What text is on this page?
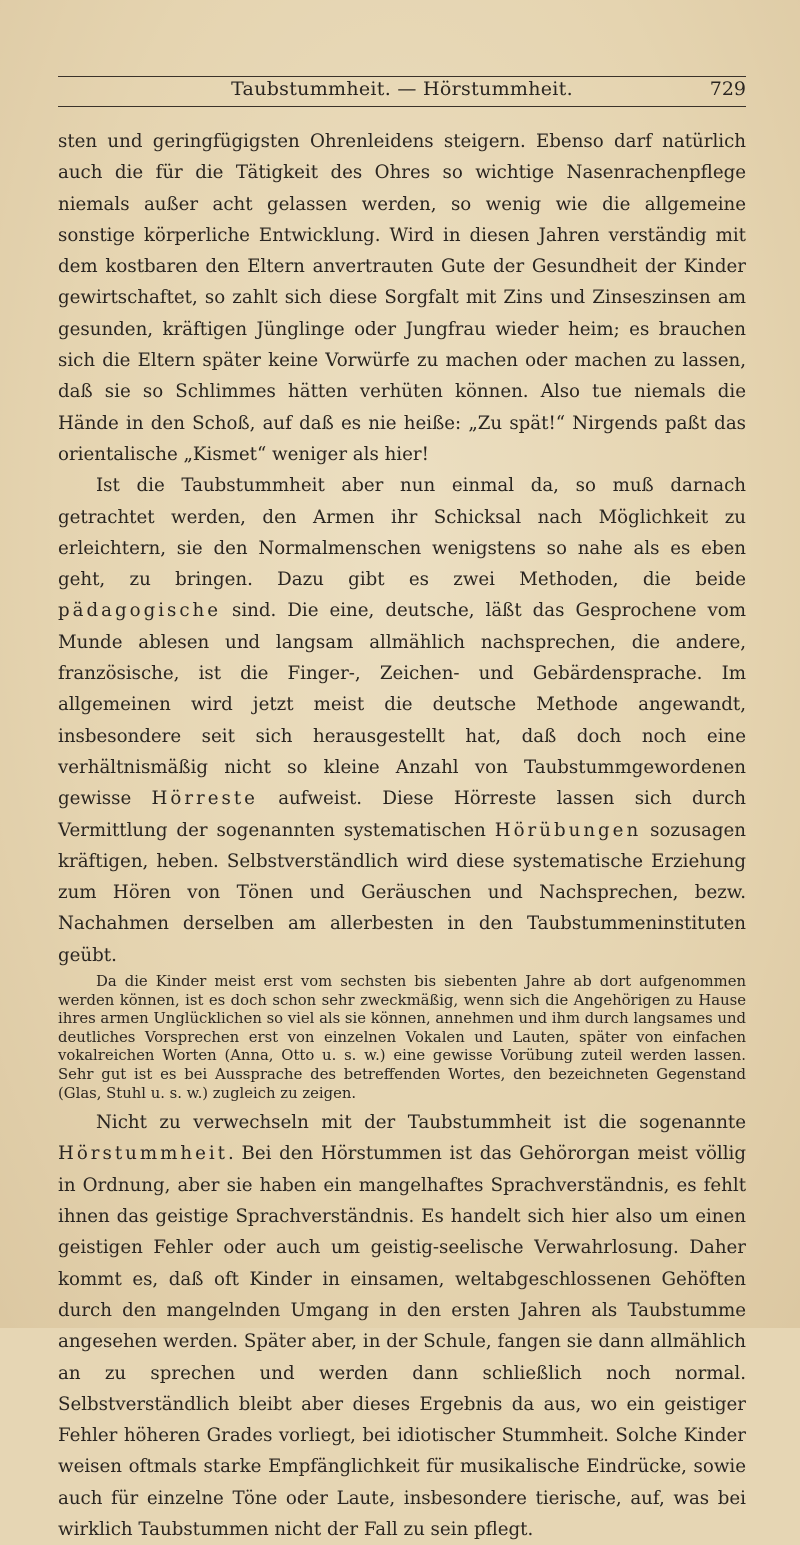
Taubstummheit. — Hörstummheit.	729

sten und geringfügigsten Ohrenleidens steigern. Ebenso darf natürlich auch die für die Tätigkeit des Ohres so wichtige Nasenrachenpflege niemals außer acht gelassen werden, so wenig wie die allgemeine sonstige körperliche Entwicklung. Wird in diesen Jahren verständig mit dem kostbaren den Eltern anvertrauten Gute der Gesundheit der Kinder gewirtschaftet, so zahlt sich diese Sorgfalt mit Zins und Zinseszinsen am gesunden, kräftigen Jünglinge oder Jungfrau wieder heim; es brauchen sich die Eltern später keine Vorwürfe zu machen oder machen zu lassen, daß sie so Schlimmes hätten verhüten können. Also tue niemals die Hände in den Schoß, auf daß es nie heiße: „Zu spät!“ Nirgends paßt das orientalische „Kismet“ weniger als hier!

Ist die Taubstummheit aber nun einmal da, so muß darnach getrachtet werden, den Armen ihr Schicksal nach Möglichkeit zu erleichtern, sie den Normalmenschen wenigstens so nahe als es eben geht, zu bringen. Dazu gibt es zwei Methoden, die beide pädagogische sind. Die eine, deutsche, läßt das Gesprochene vom Munde ablesen und langsam allmählich nachsprechen, die andere, französische, ist die Finger-, Zeichen- und Gebärdensprache. Im allgemeinen wird jetzt meist die deutsche Methode angewandt, insbesondere seit sich herausgestellt hat, daß doch noch eine verhältnismäßig nicht so kleine Anzahl von Taubstummgewordenen gewisse Hörreste aufweist. Diese Hörreste lassen sich durch Vermittlung der sogenannten systematischen Hörübungen sozusagen kräftigen, heben. Selbstverständlich wird diese systematische Erziehung zum Hören von Tönen und Geräuschen und Nachsprechen, bezw. Nachahmen derselben am allerbesten in den Taubstummeninstituten geübt.

Da die Kinder meist erst vom sechsten bis siebenten Jahre ab dort aufgenommen werden können, ist es doch schon sehr zweckmäßig, wenn sich die Angehörigen zu Hause ihres armen Unglücklichen so viel als sie können, annehmen und ihm durch langsames und deutliches Vorsprechen erst von einzelnen Vokalen und Lauten, später von einfachen vokalreichen Worten (Anna, Otto u. s. w.) eine gewisse Vorübung zuteil werden lassen. Sehr gut ist es bei Aussprache des betreffenden Wortes, den bezeichneten Gegenstand (Glas, Stuhl u. s. w.) zugleich zu zeigen.

Nicht zu verwechseln mit der Taubstummheit ist die sogenannte Hörstummheit. Bei den Hörstummen ist das Gehörorgan meist völlig in Ordnung, aber sie haben ein mangelhaftes Sprachverständnis, es fehlt ihnen das geistige Sprachverständnis. Es handelt sich hier also um einen geistigen Fehler oder auch um geistig-seelische Verwahrlosung. Daher kommt es, daß oft Kinder in einsamen, weltabgeschlossenen Gehöften durch den mangelnden Umgang in den ersten Jahren als Taubstumme angesehen werden. Später aber, in der Schule, fangen sie dann allmählich an zu sprechen und werden dann schließlich noch normal. Selbstverständlich bleibt aber dieses Ergebnis da aus, wo ein geistiger Fehler höheren Grades vorliegt, bei idiotischer Stummheit. Solche Kinder weisen oftmals starke Empfänglichkeit für musikalische Eindrücke, sowie auch für einzelne Töne oder Laute, insbesondere tierische, auf, was bei wirklich Taubstummen nicht der Fall zu sein pflegt.
